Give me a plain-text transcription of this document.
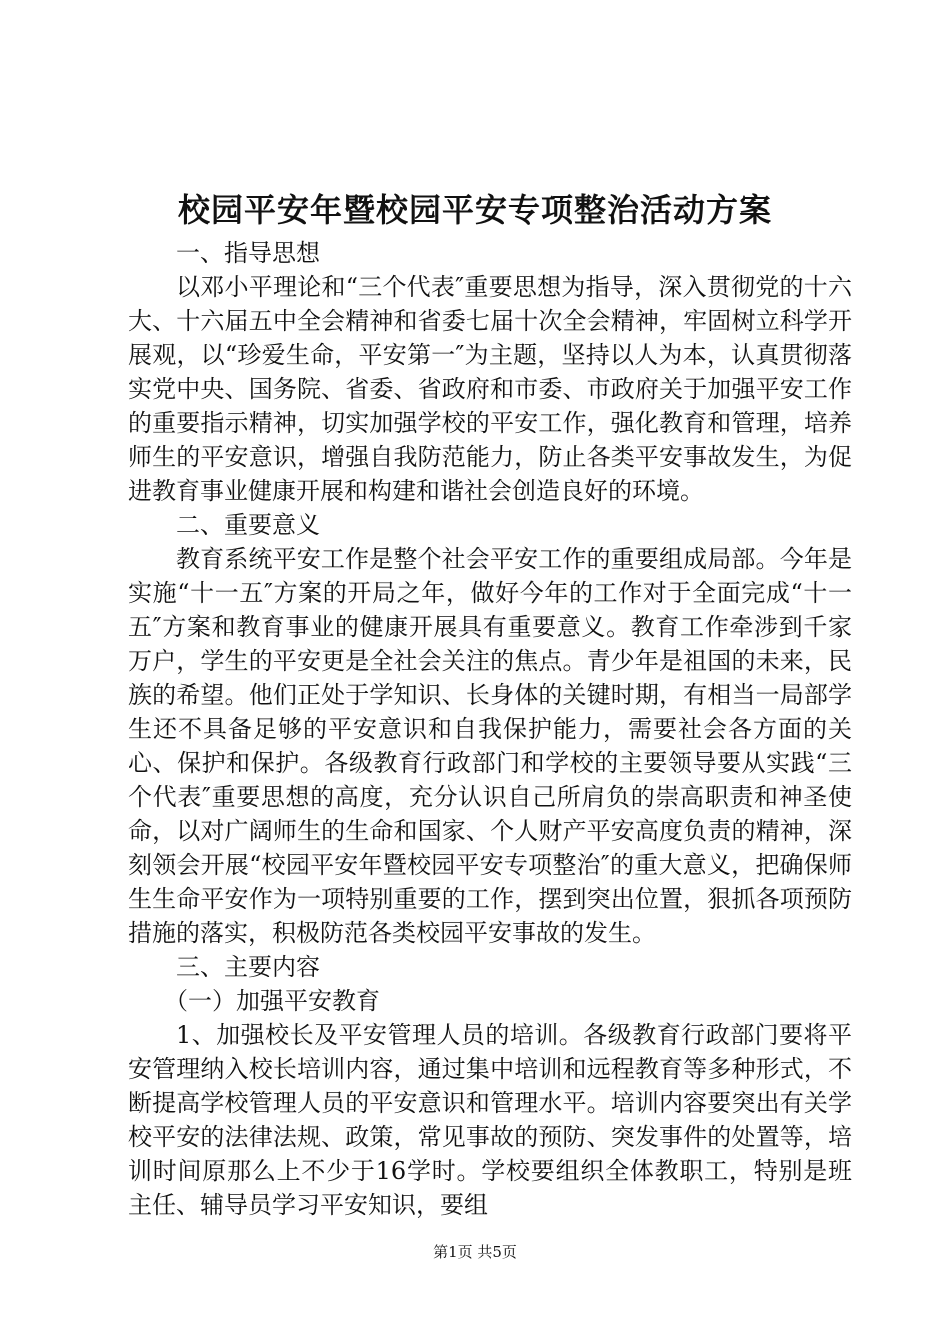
校园平安年暨校园平安专项整治活动方案

一、指导思想

以邓小平理论和“三个代表″重要思想为指导，深入贯彻党的十六大、十六届五中全会精神和省委七届十次全会精神，牢固树立科学开展观，以“珍爱生命，平安第一″为主题，坚持以人为本，认真贯彻落实党中央、国务院、省委、省政府和市委、市政府关于加强平安工作的重要指示精神，切实加强学校的平安工作，强化教育和管理，培养师生的平安意识，增强自我防范能力，防止各类平安事故发生，为促进教育事业健康开展和构建和谐社会创造良好的环境。

二、重要意义

教育系统平安工作是整个社会平安工作的重要组成局部。今年是实施“十一五″方案的开局之年，做好今年的工作对于全面完成“十一五″方案和教育事业的健康开展具有重要意义。教育工作牵涉到千家万户，学生的平安更是全社会关注的焦点。青少年是祖国的未来，民族的希望。他们正处于学知识、长身体的关键时期，有相当一局部学生还不具备足够的平安意识和自我保护能力，需要社会各方面的关心、保护和保护。各级教育行政部门和学校的主要领导要从实践“三个代表″重要思想的高度，充分认识自己所肩负的崇高职责和神圣使命，以对广阔师生的生命和国家、个人财产平安高度负责的精神，深刻领会开展“校园平安年暨校园平安专项整治″的重大意义，把确保师生生命平安作为一项特别重要的工作，摆到突出位置，狠抓各项预防措施的落实，积极防范各类校园平安事故的发生。

三、主要内容

（一）加强平安教育

1、加强校长及平安管理人员的培训。各级教育行政部门要将平安管理纳入校长培训内容，通过集中培训和远程教育等多种形式，不断提高学校管理人员的平安意识和管理水平。培训内容要突出有关学校平安的法律法规、政策，常见事故的预防、突发事件的处置等，培训时间原那么上不少于16学时。学校要组织全体教职工，特别是班主任、辅导员学习平安知识，要组

第1页 共5页
